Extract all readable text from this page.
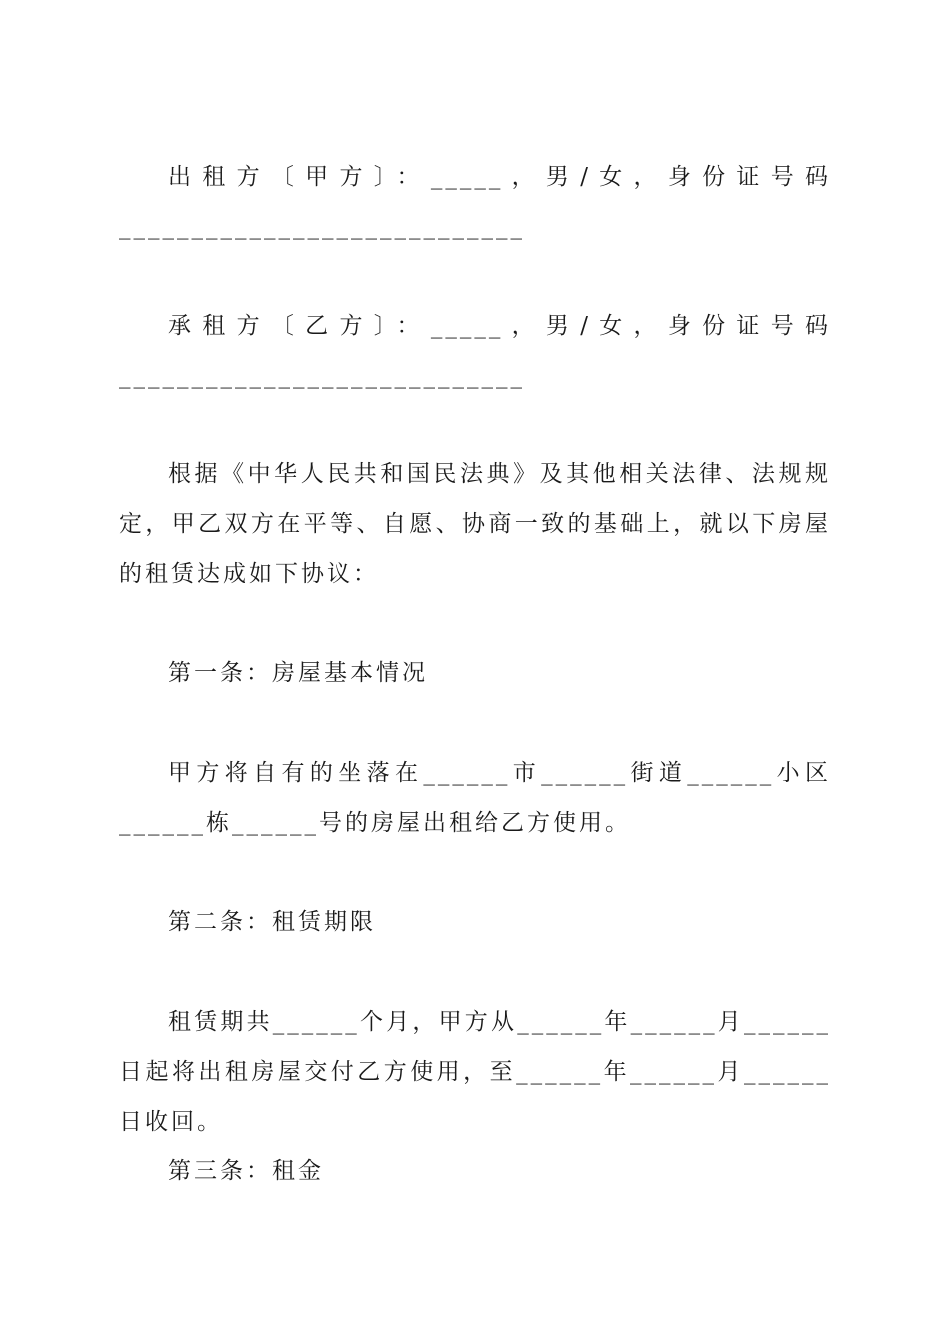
出租方〔甲方〕：_____，男/女，身份证号码____________________________
承租方〔乙方〕：_____，男/女，身份证号码____________________________
根据《中华人民共和国民法典》及其他相关法律、法规规定，甲乙双方在平等、自愿、协商一致的基础上，就以下房屋的租赁达成如下协议：
第一条：房屋基本情况
甲方将自有的坐落在______市______街道______小区______栋______号的房屋出租给乙方使用。
第二条：租赁期限
租赁期共______个月，甲方从______年______月______日起将出租房屋交付乙方使用，至______年______月______日收回。
第三条：租金
